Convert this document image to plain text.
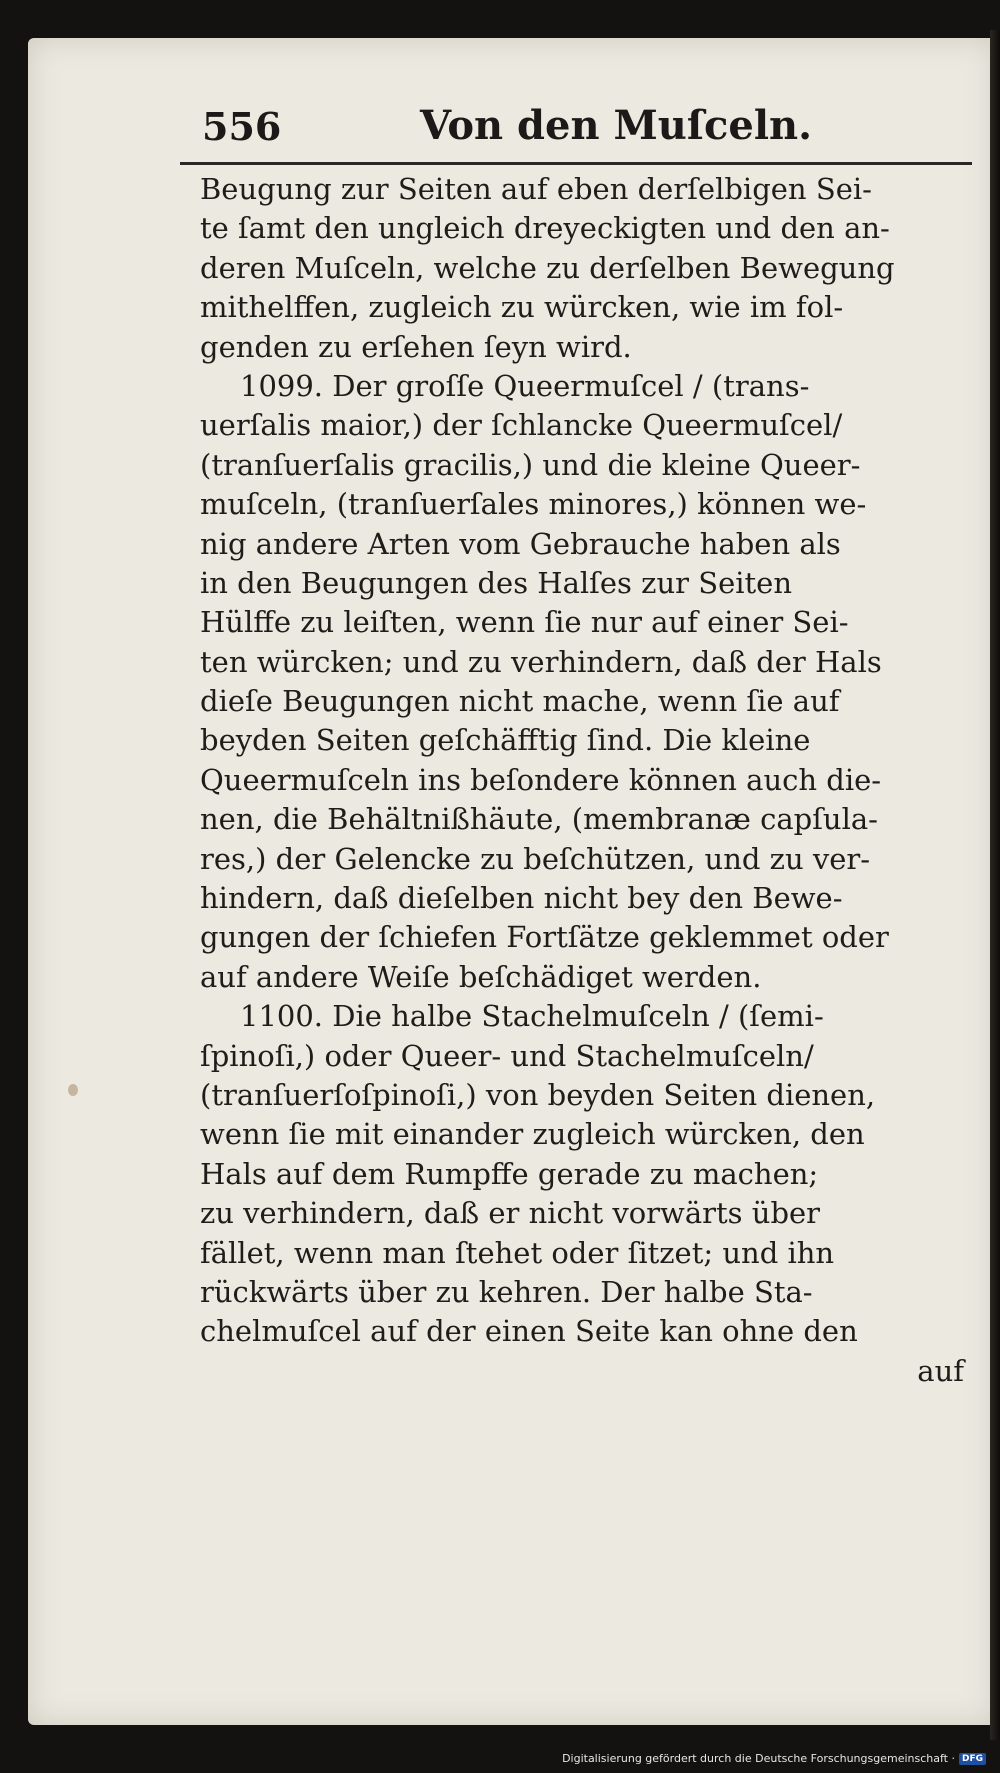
556	Von den Muſceln.
Beugung zur Seiten auf eben derſelbigen Sei-
te ſamt den ungleich dreyeckigten und den an-
deren Muſceln, welche zu derſelben Bewegung
mithelffen, zugleich zu würcken, wie im fol-
genden zu erſehen ſeyn wird.
1099. Der groſſe Queermuſcel / (trans-
uerſalis maior,) der ſchlancke Queermuſcel/
(tranſuerſalis gracilis,) und die kleine Queer-
muſceln, (tranſuerſales minores,) können we-
nig andere Arten vom Gebrauche haben als
in den Beugungen des Halſes zur Seiten
Hülffe zu leiſten, wenn ſie nur auf einer Sei-
ten würcken; und zu verhindern, daß der Hals
dieſe Beugungen nicht mache, wenn ſie auf
beyden Seiten geſchäfftig ſind. Die kleine
Queermuſceln ins beſondere können auch die-
nen, die Behältnißhäute, (membranæ capſula-
res,) der Gelencke zu beſchützen, und zu ver-
hindern, daß dieſelben nicht bey den Bewe-
gungen der ſchiefen Fortſätze geklemmet oder
auf andere Weiſe beſchädiget werden.
1100. Die halbe Stachelmuſceln / (ſemi-
ſpinoſi,) oder Queer- und Stachelmuſceln/
(tranſuerſoſpinoſi,) von beyden Seiten dienen,
wenn ſie mit einander zugleich würcken, den
Hals auf dem Rumpffe gerade zu machen;
zu verhindern, daß er nicht vorwärts über
fället, wenn man ſtehet oder ſitzet; und ihn
rückwärts über zu kehren. Der halbe Sta-
chelmuſcel auf der einen Seite kan ohne den
auf
Digitalisierung gefördert durch die Deutsche Forschungsgemeinschaft · DFG
